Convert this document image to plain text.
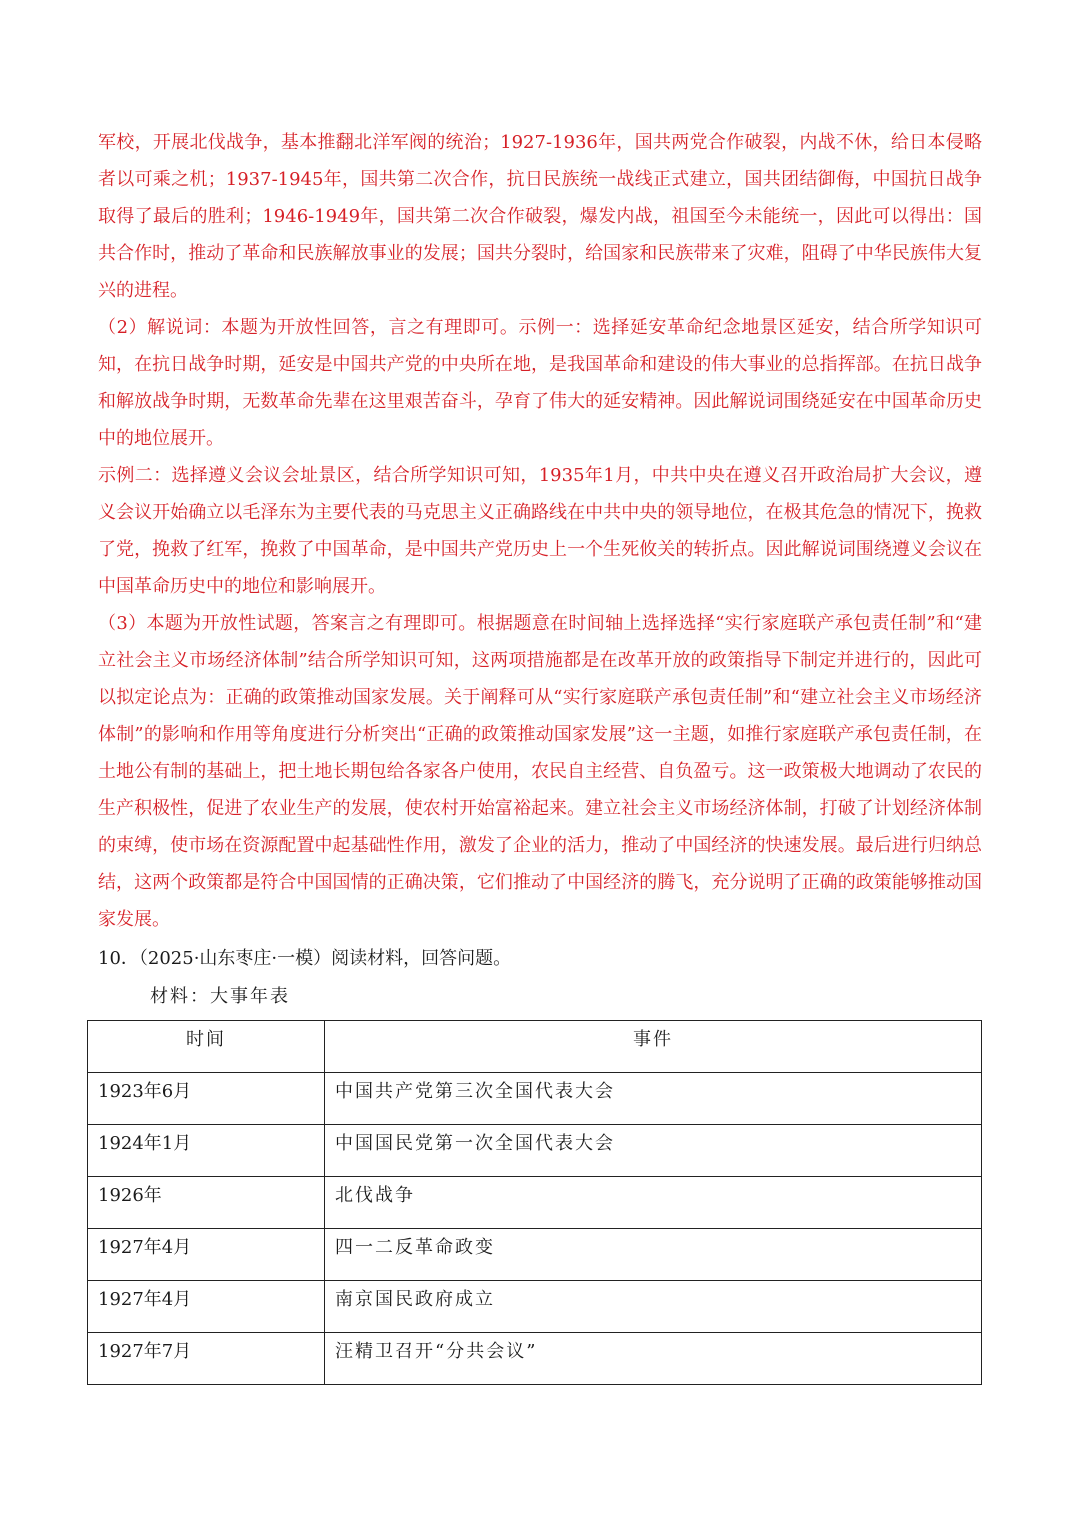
军校，开展北伐战争，基本推翻北洋军阀的统治；1927-1936年，国共两党合作破裂，内战不休，给日本侵略者以可乘之机；1937-1945年，国共第二次合作，抗日民族统一战线正式建立，国共团结御侮，中国抗日战争取得了最后的胜利；1946-1949年，国共第二次合作破裂，爆发内战，祖国至今未能统一，因此可以得出：国共合作时，推动了革命和民族解放事业的发展；国共分裂时，给国家和民族带来了灾难，阻碍了中华民族伟大复兴的进程。

（2）解说词：本题为开放性回答，言之有理即可。示例一：选择延安革命纪念地景区延安，结合所学知识可知，在抗日战争时期，延安是中国共产党的中央所在地，是我国革命和建设的伟大事业的总指挥部。在抗日战争和解放战争时期，无数革命先辈在这里艰苦奋斗，孕育了伟大的延安精神。因此解说词围绕延安在中国革命历史中的地位展开。

示例二：选择遵义会议会址景区，结合所学知识可知，1935年1月，中共中央在遵义召开政治局扩大会议，遵义会议开始确立以毛泽东为主要代表的马克思主义正确路线在中共中央的领导地位，在极其危急的情况下，挽救了党，挽救了红军，挽救了中国革命，是中国共产党历史上一个生死攸关的转折点。因此解说词围绕遵义会议在中国革命历史中的地位和影响展开。

（3）本题为开放性试题，答案言之有理即可。根据题意在时间轴上选择选择“实行家庭联产承包责任制”和“建立社会主义市场经济体制”结合所学知识可知，这两项措施都是在改革开放的政策指导下制定并进行的，因此可以拟定论点为：正确的政策推动国家发展。关于阐释可从“实行家庭联产承包责任制”和“建立社会主义市场经济体制”的影响和作用等角度进行分析突出“正确的政策推动国家发展”这一主题，如推行家庭联产承包责任制，在土地公有制的基础上，把土地长期包给各家各户使用，农民自主经营、自负盈亏。这一政策极大地调动了农民的生产积极性，促进了农业生产的发展，使农村开始富裕起来。建立社会主义市场经济体制，打破了计划经济体制的束缚，使市场在资源配置中起基础性作用，激发了企业的活力，推动了中国经济的快速发展。最后进行归纳总结，这两个政策都是符合中国国情的正确决策，它们推动了中国经济的腾飞，充分说明了正确的政策能够推动国家发展。

10．（2025·山东枣庄·一模）阅读材料，回答问题。
材料：大事年表
时间	事件
1923年6月	中国共产党第三次全国代表大会
1924年1月	中国国民党第一次全国代表大会
1926年	北伐战争
1927年4月	四一二反革命政变
1927年4月	南京国民政府成立
1927年7月	汪精卫召开“分共会议”
